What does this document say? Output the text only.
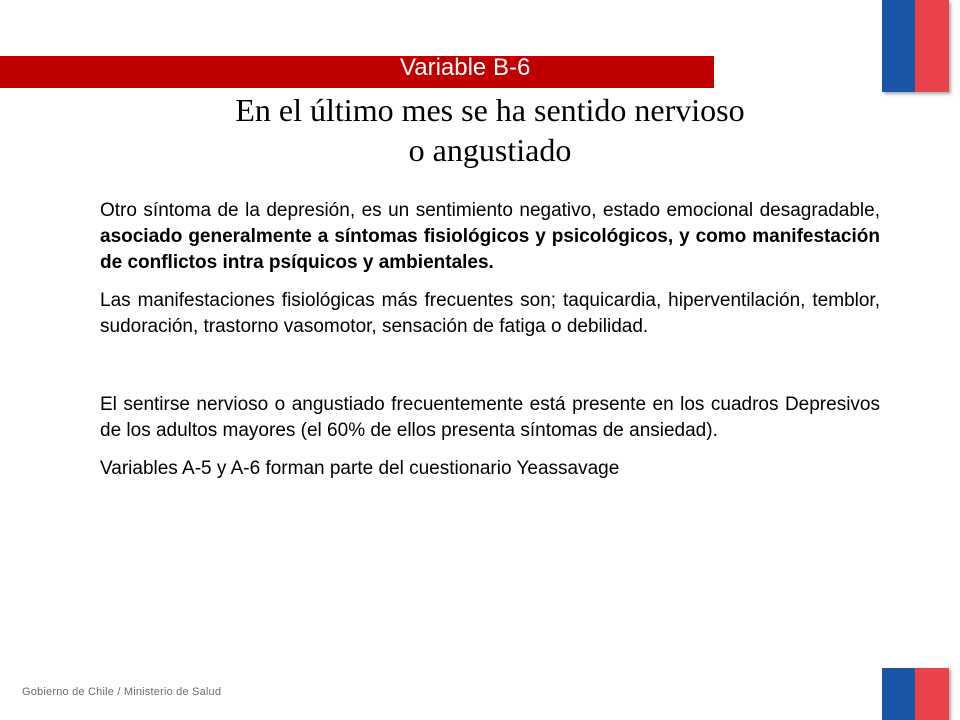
Variable B-6
En el último mes se ha sentido nervioso
o angustiado

Otro síntoma de la depresión, es un sentimiento negativo, estado emocional desagradable, asociado generalmente a síntomas fisiológicos y psicológicos, y como manifestación de conflictos intra psíquicos y ambientales.

Las manifestaciones fisiológicas más frecuentes son; taquicardia, hiperventilación, temblor, sudoración, trastorno vasomotor, sensación de fatiga o debilidad.

El sentirse nervioso o angustiado frecuentemente está presente en los cuadros Depresivos de los adultos mayores (el 60% de ellos presenta síntomas de ansiedad).

Variables A-5 y A-6 forman parte del cuestionario Yeassavage

Gobierno de Chile / Ministerio de Salud
